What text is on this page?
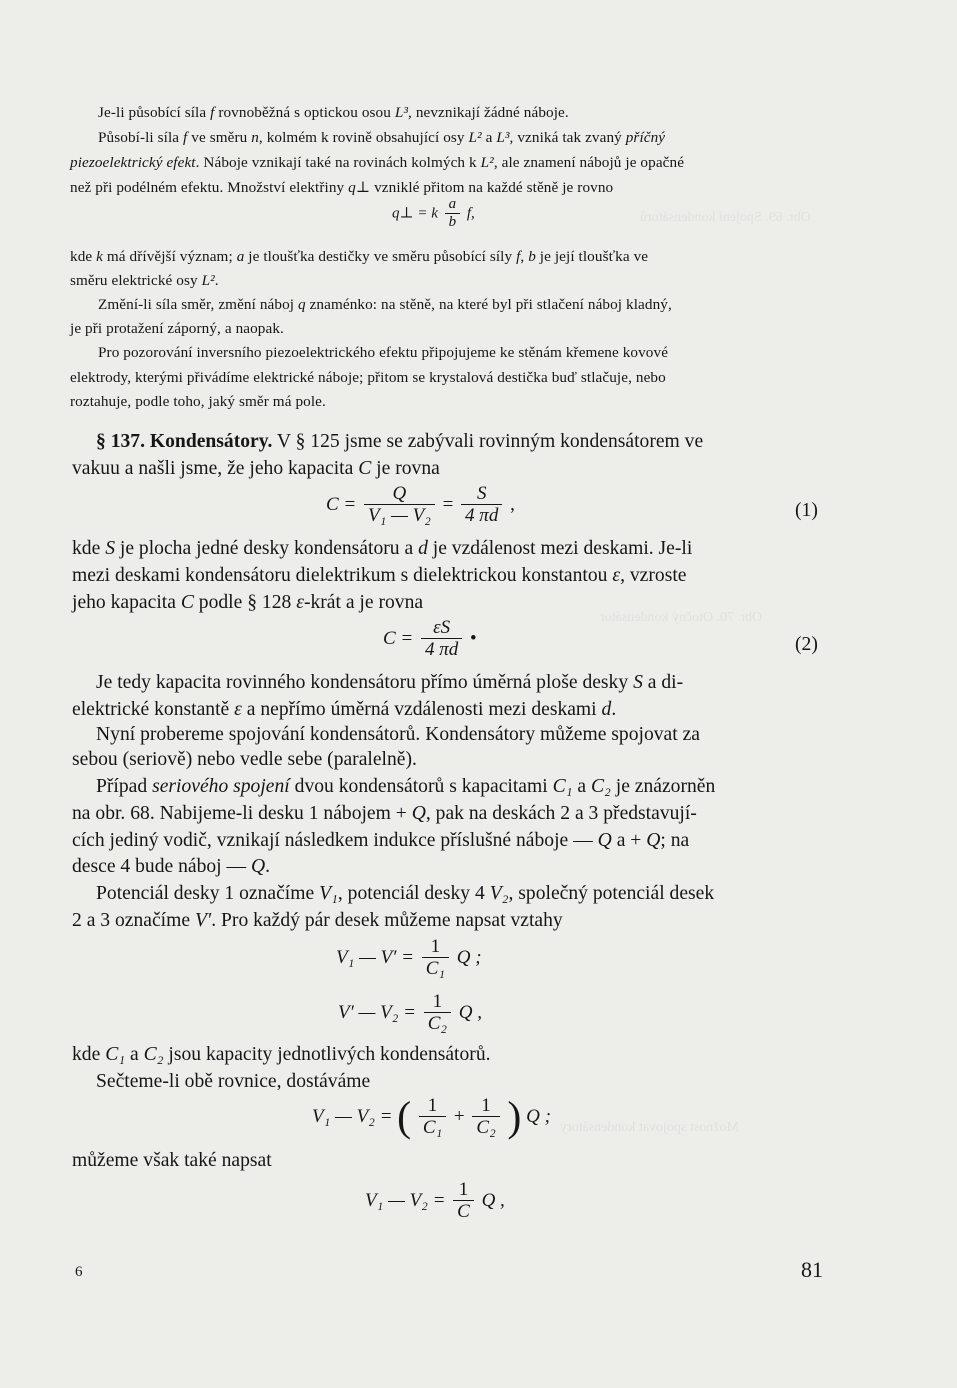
Obr. 69. Spojení kondensátorů
Obr. 70. Otočný kondensátor
Možnost spojovat kondensátory
Je-li působící síla f rovnoběžná s optickou osou L³, nevznikají žádné náboje.
Působí-li síla f ve směru n, kolmém k rovině obsahující osy L² a L³, vzniká tak zvaný příčný
piezoelektrický efekt. Náboje vznikají také na rovinách kolmých k L², ale znamení nábojů je opačné
než při podélném efektu. Množství elektřiny q⊥ vzniklé přitom na každé stěně je rovno
q⊥ = k $\frac{a}{b} f$,
kde k má dřívější význam; a je tloušťka destičky ve směru působící síly f, b je její tloušťka ve
směru elektrické osy L².
Změní-li síla směr, změní náboj q znaménko: na stěně, na které byl při stlačení náboj kladný,
je při protažení záporný, a naopak.
Pro pozorování inversního piezoelektrického efektu připojujeme ke stěnám křemene kovové
elektrody, kterými přivádíme elektrické náboje; přitom se krystalová destička buď stlačuje, nebo
roztahuje, podle toho, jaký směr má pole.
§ 137. Kondensátory. V § 125 jsme se zabývali rovinným kondensátorem ve
vakuu a našli jsme, že jeho kapacita C je rovna
$C = \frac{Q}{\text{V₁ — V₂}} = \frac{S}{4 \pi d}$ ,	(1)
kde S je plocha jedné desky kondensátoru a d je vzdálenost mezi deskami. Je-li
mezi deskami kondensátoru dielektrikum s dielektrickou konstantou ε, vzroste
jeho kapacita C podle § 128 ε-krát a je rovna
$C = \frac{\varepsilon S}{4 \pi d}$ •	(2)
Je tedy kapacita rovinného kondensátoru přímo úměrná ploše desky S a di-
elektrické konstantě ε a nepřímo úměrná vzdálenosti mezi deskami d.
Nyní probereme spojování kondensátorů. Kondensátory můžeme spojovat za
sebou (seriově) nebo vedle sebe (paralelně).
Případ seriového spojení dvou kondensátorů s kapacitami C₁ a C₂ je znázorněn
na obr. 68. Nabijeme-li desku 1 nábojem + Q, pak na deskách 2 a 3 představují-
cích jediný vodič, vznikají následkem indukce příslušné náboje — Q a + Q; na
desce 4 bude náboj — Q.
Potenciál desky 1 označíme V₁, potenciál desky 4 V₂, společný potenciál desek
2 a 3 označíme V′. Pro každý pár desek můžeme napsat vztahy
V₁ — $V' = \frac{1}{\text{C₁}}$ Q ;
V′ — $V_2 = \frac{1}{\text{C₂}}$ Q ,
kde C₁ a C₂ jsou kapacity jednotlivých kondensátorů.
Sečteme-li obě rovnice, dostáváme
V₁ — V₂ = ( $\frac{1}{\text{C₁}} + \frac{1}{\text{C₂}}$ ) Q ;
můžeme však také napsat
V₁ — $V_2 = \frac{1}{C}$ Q ,
6	81
